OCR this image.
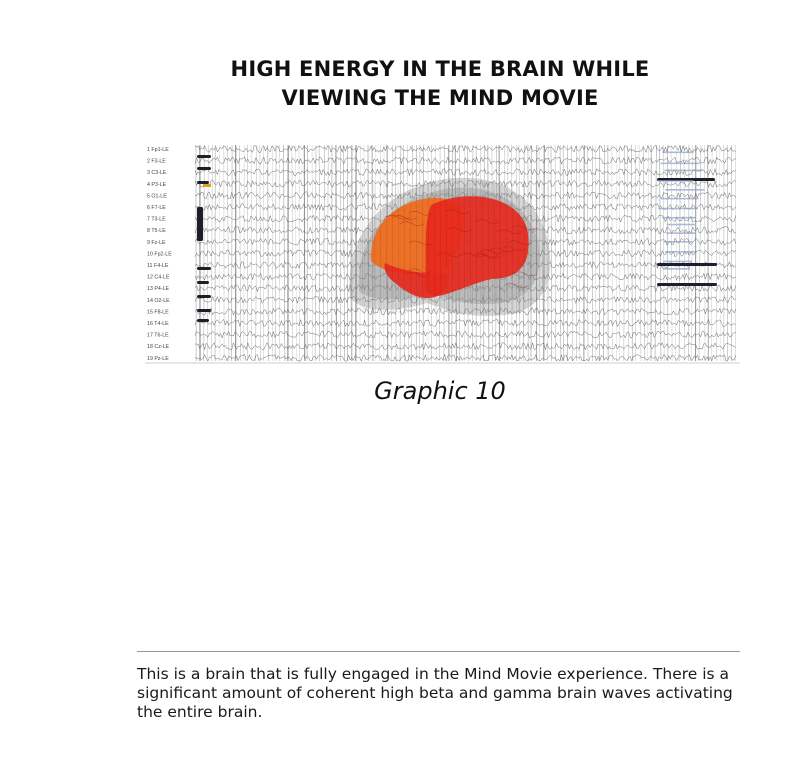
HIGH ENERGY IN THE BRAIN WHILE
VIEWING THE MIND MOVIE
1 Fp1-LE
2 F3-LE
3 C3-LE
4 P3-LE
5 O1-LE
6 F7-LE
7 T3-LE
8 T5-LE
9 Fz-LE
10 Fp2-LE
11 F4-LE
12 C4-LE
13 P4-LE
14 O2-LE
15 F8-LE
16 T4-LE
17 T6-LE
18 Cz-LE
19 Pz-LE
Graphic 10
This is a brain that is fully engaged in the Mind Movie experience. There is a significant amount of coherent high beta and gamma brain waves activating the entire brain.
